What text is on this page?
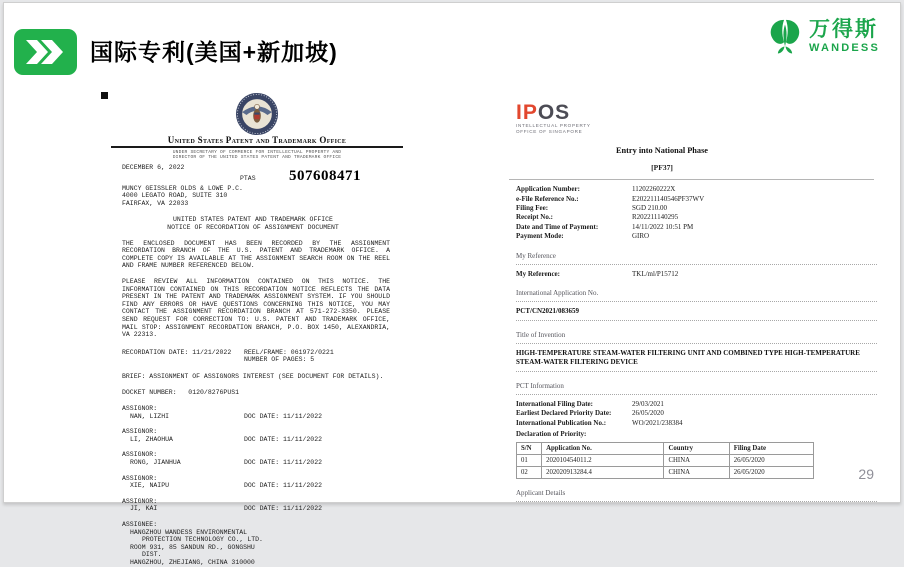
国际专利(美国+新加坡)
万得斯
WANDESS
United States Patent and Trademark Office
UNDER SECRETARY OF COMMERCE FOR INTELLECTUAL PROPERTY AND
DIRECTOR OF THE UNITED STATES PATENT AND TRADEMARK OFFICE
507608471
DECEMBER 6, 2022
PTAS
MUNCY GEISSLER OLDS & LOWE P.C.
4000 LEGATO ROAD, SUITE 310
FAIRFAX, VA 22033
UNITED STATES PATENT AND TRADEMARK OFFICE
NOTICE OF RECORDATION OF ASSIGNMENT DOCUMENT
THE ENCLOSED DOCUMENT HAS BEEN RECORDED BY THE ASSIGNMENT RECORDATION BRANCH OF THE U.S. PATENT AND TRADEMARK OFFICE. A COMPLETE COPY IS AVAILABLE AT THE ASSIGNMENT SEARCH ROOM ON THE REEL AND FRAME NUMBER REFERENCED BELOW.
PLEASE REVIEW ALL INFORMATION CONTAINED ON THIS NOTICE. THE INFORMATION CONTAINED ON THIS RECORDATION NOTICE REFLECTS THE DATA PRESENT IN THE PATENT AND TRADEMARK ASSIGNMENT SYSTEM. IF YOU SHOULD FIND ANY ERRORS OR HAVE QUESTIONS CONCERNING THIS NOTICE, YOU MAY CONTACT THE ASSIGNMENT RECORDATION BRANCH AT 571-272-3350. PLEASE SEND REQUEST FOR CORRECTION TO: U.S. PATENT AND TRADEMARK OFFICE, MAIL STOP: ASSIGNMENT RECORDATION BRANCH, P.O. BOX 1450, ALEXANDRIA, VA 22313.
RECORDATION DATE: 11/21/2022	REEL/FRAME: 061972/0221
NUMBER OF PAGES: 5
BRIEF: ASSIGNMENT OF ASSIGNORS INTEREST (SEE DOCUMENT FOR DETAILS).
DOCKET NUMBER:   0120/8276PUS1
ASSIGNOR:
NAN, LIZHI	DOC DATE: 11/11/2022
ASSIGNOR:
LI, ZHAOHUA	DOC DATE: 11/11/2022
ASSIGNOR:
RONG, JIANHUA	DOC DATE: 11/11/2022
ASSIGNOR:
XIE, NAIPU	DOC DATE: 11/11/2022
ASSIGNOR:
JI, KAI	DOC DATE: 11/11/2022
ASSIGNEE:
HANGZHOU WANDESS ENVIRONMENTAL
PROTECTION TECHNOLOGY CO., LTD.
ROOM 931, 85 SANDUN RD., GONGSHU
DIST.
HANGZHOU, ZHEJIANG, CHINA 310000
IPOS
INTELLECTUAL PROPERTY
OFFICE OF SINGAPORE
Entry into National Phase
[PF37]
Application Number:	11202260222X
e-File Reference No.:	E202211140546PF37WV
Filing Fee:	SGD 210.00
Receipt No.:	R202211140295
Date and Time of Payment:	14/11/2022 10:51 PM
Payment Mode:	GIRO
My Reference
My Reference:	TKL/ml/P15712
International Application No.
PCT/CN2021/083659
Title of Invention
HIGH-TEMPERATURE STEAM-WATER FILTERING UNIT AND COMBINED TYPE HIGH-TEMPERATURE STEAM-WATER FILTERING DEVICE
PCT Information
International Filing Date:	29/03/2021
Earliest Declared Priority Date:	26/05/2020
International Publication No.:	WO/2021/238384
Declaration of Priority:
S/N	Application No.	Country	Filing Date
01	202010454011.2	CHINA	26/05/2020
02	202020913284.4	CHINA	26/05/2020
Applicant Details
29
